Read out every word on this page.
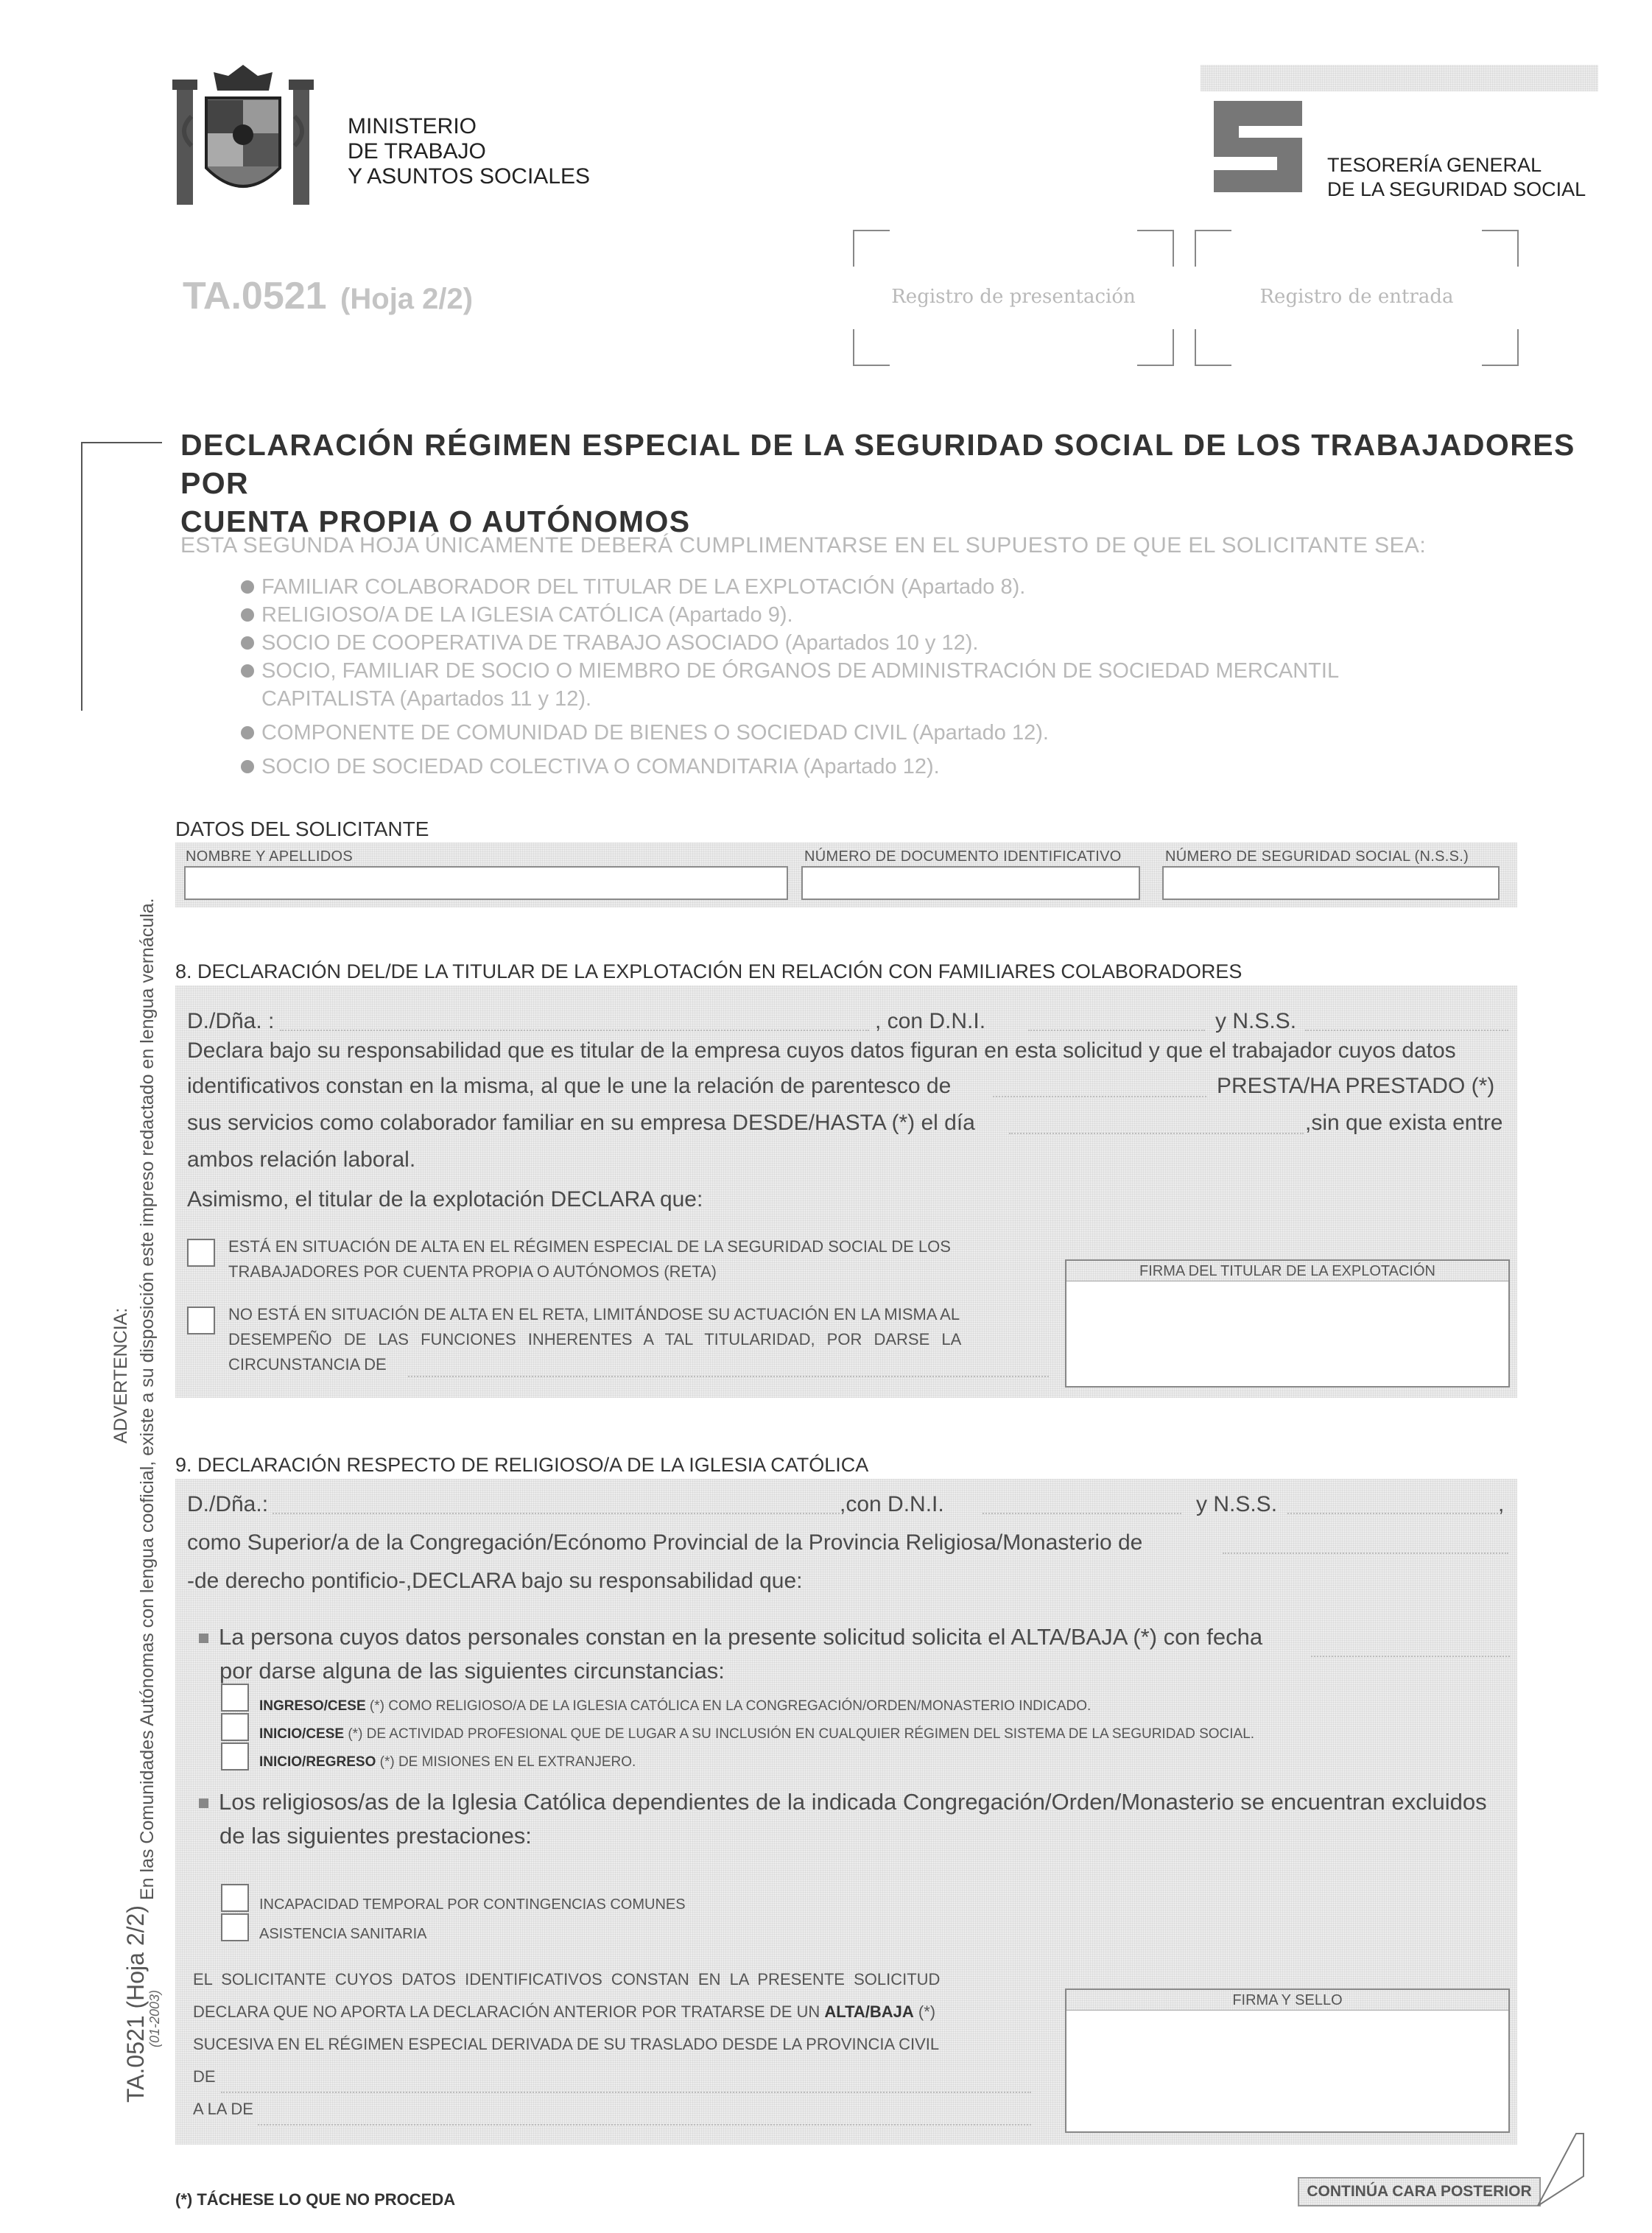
MINISTERIO
DE TRABAJO
Y ASUNTOS SOCIALES	TESORERÍA GENERAL
DE LA SEGURIDAD SOCIAL
TA.0521 (Hoja 2/2)	Registro de presentación	Registro de entrada
DECLARACIÓN RÉGIMEN ESPECIAL DE LA SEGURIDAD SOCIAL DE LOS TRABAJADORES POR
CUENTA PROPIA O AUTÓNOMOS
ESTA SEGUNDA HOJA ÚNICAMENTE DEBERÁ CUMPLIMENTARSE EN EL SUPUESTO DE QUE EL SOLICITANTE SEA:
FAMILIAR COLABORADOR DEL TITULAR DE LA EXPLOTACIÓN (Apartado 8).
RELIGIOSO/A DE LA IGLESIA CATÓLICA (Apartado 9).
SOCIO DE COOPERATIVA DE TRABAJO ASOCIADO (Apartados 10 y 12).
SOCIO, FAMILIAR DE SOCIO O MIEMBRO DE ÓRGANOS DE ADMINISTRACIÓN DE SOCIEDAD MERCANTIL
CAPITALISTA (Apartados 11 y 12).
COMPONENTE DE COMUNIDAD DE BIENES O SOCIEDAD CIVIL (Apartado 12).
SOCIO DE SOCIEDAD COLECTIVA O COMANDITARIA (Apartado 12).
ADVERTENCIA: En las Comunidades Autónomas con lengua cooficial, existe a su disposición este impreso redactado en lengua vernácula.
TA.0521 (Hoja 2/2)
(01-2003)
DATOS DEL SOLICITANTE
NOMBRE Y APELLIDOS	NÚMERO DE DOCUMENTO IDENTIFICATIVO	NÚMERO DE SEGURIDAD SOCIAL (N.S.S.)
8. DECLARACIÓN DEL/DE LA TITULAR DE LA EXPLOTACIÓN EN RELACIÓN CON FAMILIARES COLABORADORES
D./Dña. :	, con D.N.I.	y N.S.S.
Declara bajo su responsabilidad que es titular de la empresa cuyos datos figuran en esta solicitud y que el trabajador cuyos datos
identificativos constan en la misma, al que le une la relación de parentesco de	PRESTA/HA PRESTADO (*)
sus servicios como colaborador familiar en su empresa DESDE/HASTA (*) el día	,sin que exista entre
ambos relación laboral.
Asimismo, el titular de la explotación DECLARA que:
ESTÁ EN SITUACIÓN DE ALTA EN EL RÉGIMEN ESPECIAL DE LA SEGURIDAD SOCIAL DE LOS
TRABAJADORES POR CUENTA PROPIA O AUTÓNOMOS (RETA)
NO ESTÁ EN SITUACIÓN DE ALTA EN EL RETA, LIMITÁNDOSE SU ACTUACIÓN EN LA MISMA AL
DESEMPEÑO DE LAS FUNCIONES INHERENTES A TAL TITULARIDAD, POR DARSE LA
CIRCUNSTANCIA DE
FIRMA DEL TITULAR DE LA EXPLOTACIÓN
9. DECLARACIÓN RESPECTO DE RELIGIOSO/A DE LA IGLESIA CATÓLICA
D./Dña.:	,con D.N.I.	y N.S.S.	,
como Superior/a de la Congregación/Ecónomo Provincial de la Provincia Religiosa/Monasterio de
-de derecho pontificio-,DECLARA bajo su responsabilidad que:
La persona cuyos datos personales constan en la presente solicitud solicita el ALTA/BAJA (*) con fecha
por darse alguna de las siguientes circunstancias:
INGRESO/CESE (*) COMO RELIGIOSO/A DE LA IGLESIA CATÓLICA EN LA CONGREGACIÓN/ORDEN/MONASTERIO INDICADO.
INICIO/CESE (*) DE ACTIVIDAD PROFESIONAL QUE DE LUGAR A SU INCLUSIÓN EN CUALQUIER RÉGIMEN DEL SISTEMA DE LA SEGURIDAD SOCIAL.
INICIO/REGRESO (*) DE MISIONES EN EL EXTRANJERO.
Los religiosos/as de la Iglesia Católica dependientes de la indicada Congregación/Orden/Monasterio se encuentran excluidos
de las siguientes prestaciones:
INCAPACIDAD TEMPORAL POR CONTINGENCIAS COMUNES
ASISTENCIA SANITARIA
EL SOLICITANTE CUYOS DATOS IDENTIFICATIVOS CONSTAN EN LA PRESENTE SOLICITUD
DECLARA QUE NO APORTA LA DECLARACIÓN ANTERIOR POR TRATARSE DE UN ALTA/BAJA (*)
SUCESIVA EN EL RÉGIMEN ESPECIAL DERIVADA DE SU TRASLADO DESDE LA PROVINCIA CIVIL
DE
A LA DE
FIRMA Y SELLO
(*) TÁCHESE LO QUE NO PROCEDA	CONTINÚA CARA POSTERIOR
